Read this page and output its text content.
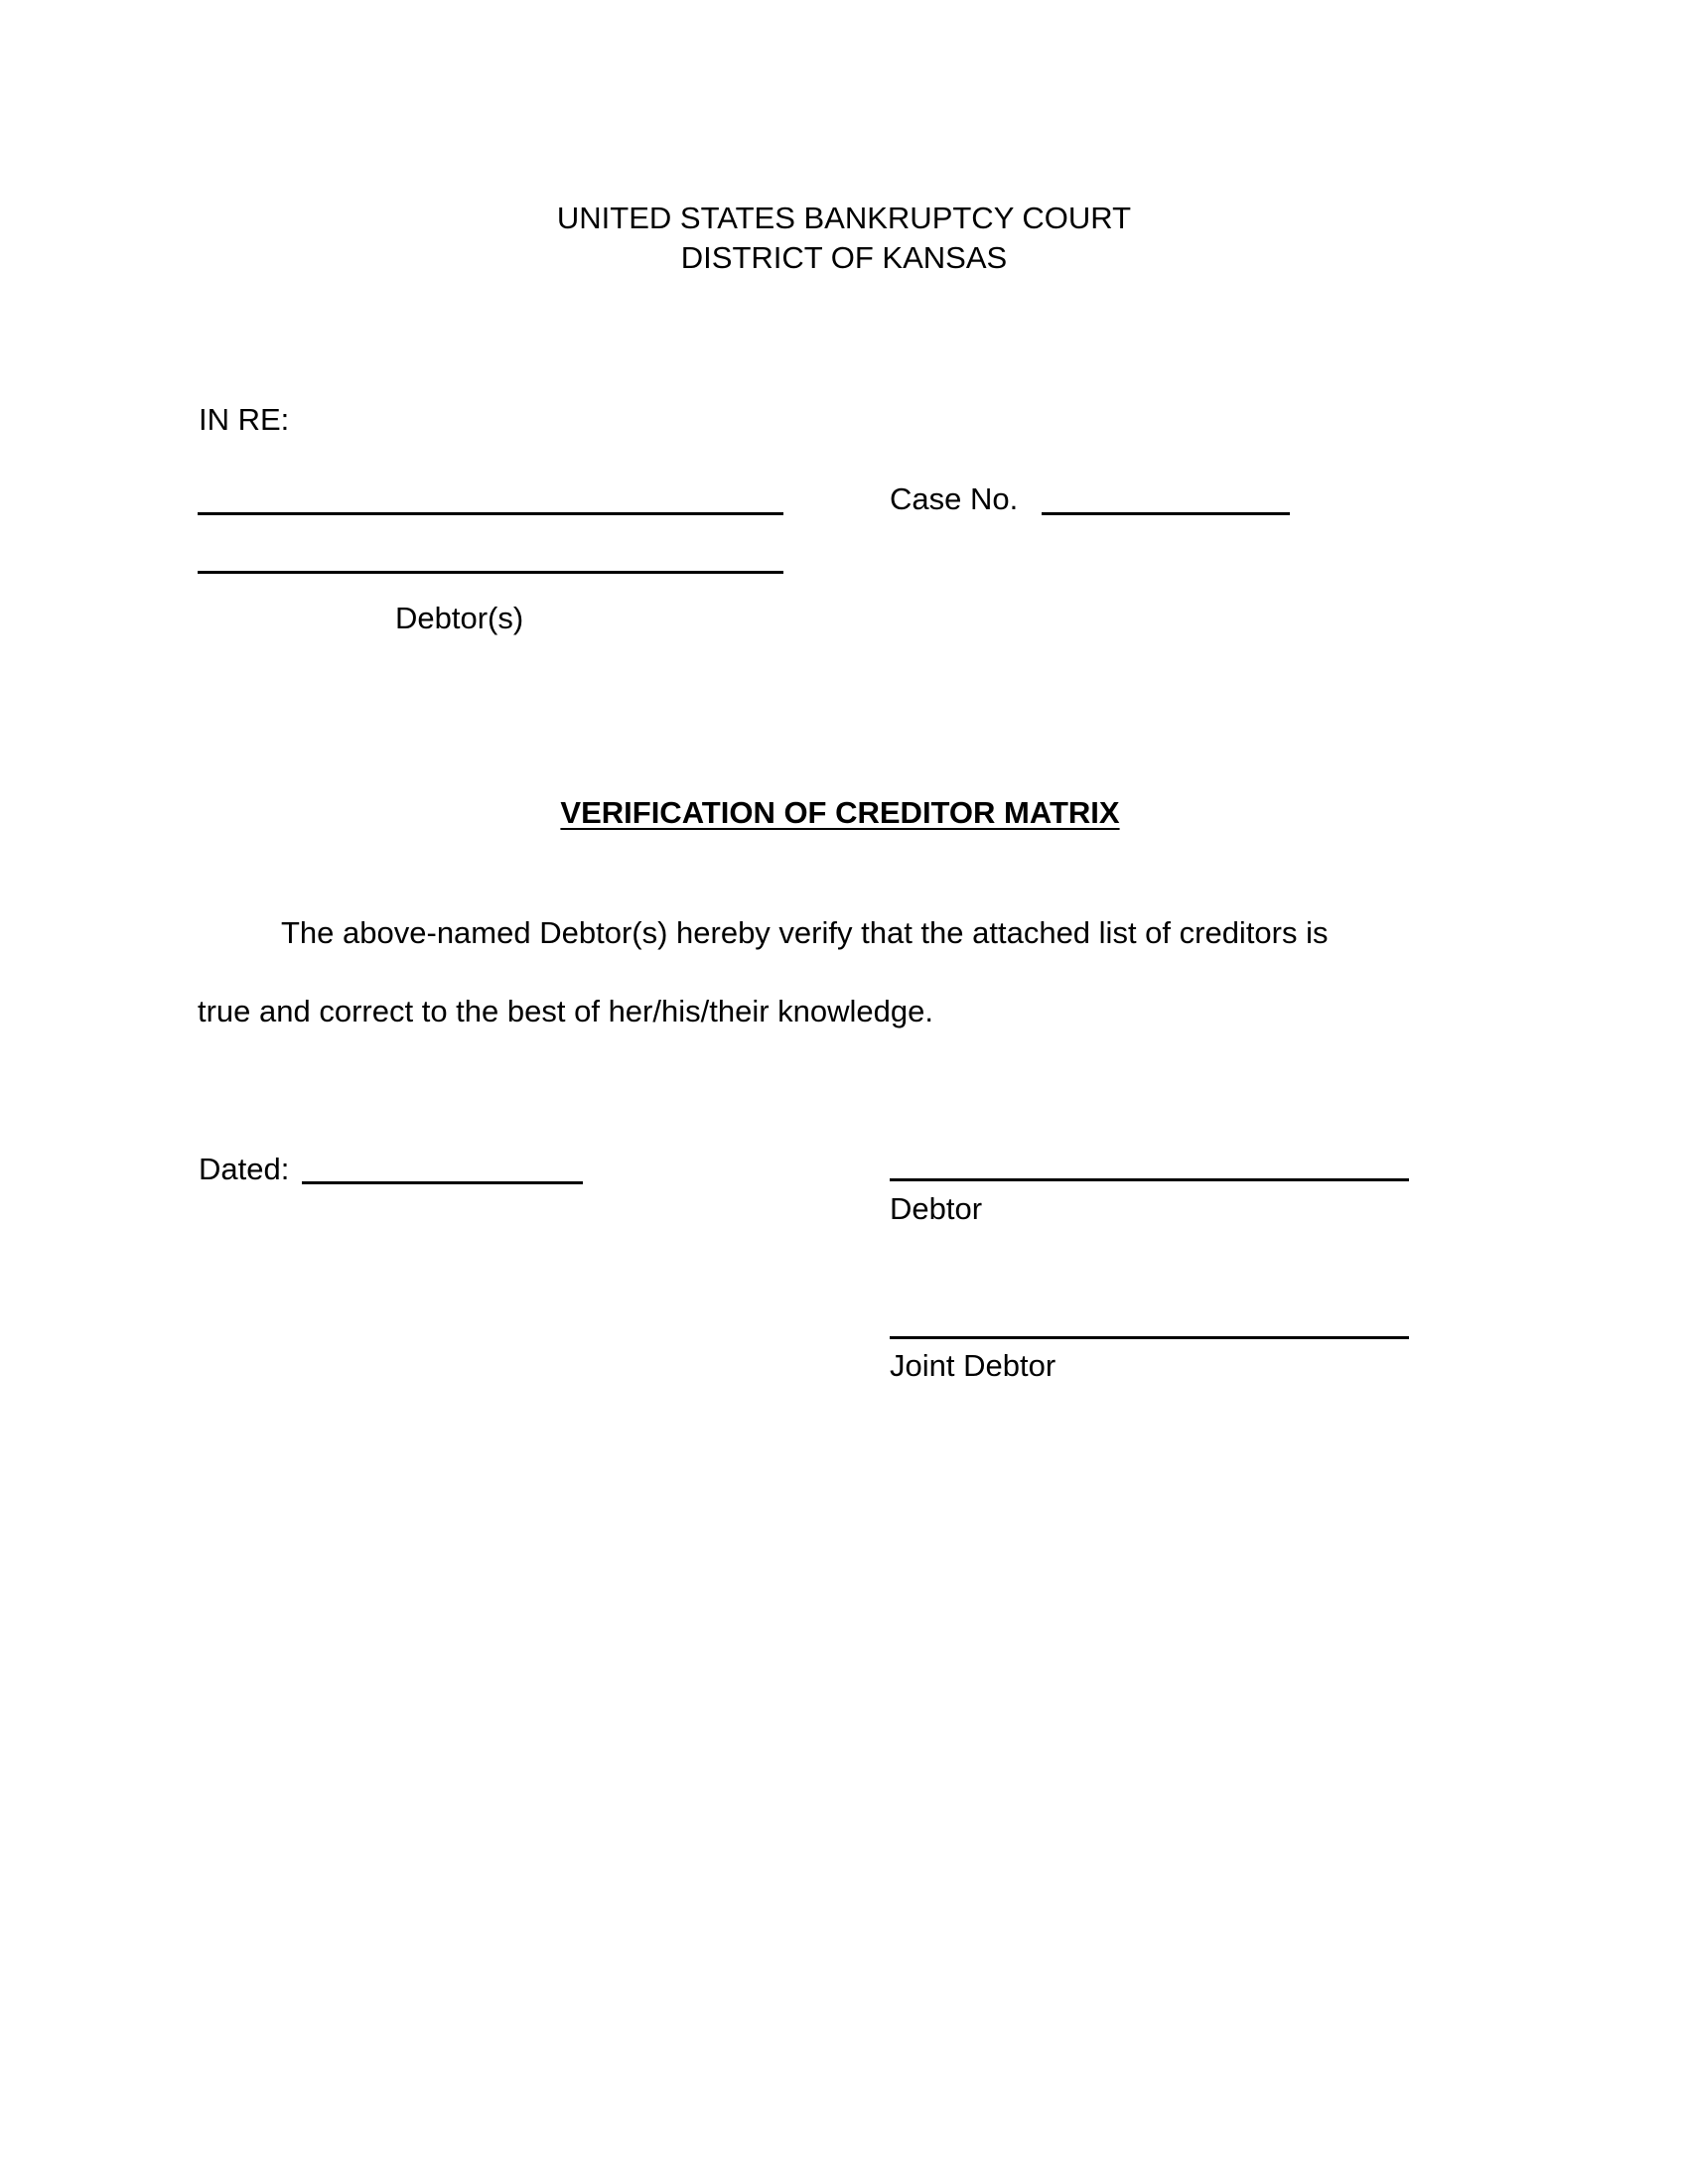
UNITED STATES BANKRUPTCY COURT
DISTRICT OF KANSAS
IN RE:
Case No.
Debtor(s)
VERIFICATION OF CREDITOR MATRIX
The above-named Debtor(s) hereby verify that the attached list of creditors is
true and correct to the best of her/his/their knowledge.
Dated:
Debtor
Joint Debtor
